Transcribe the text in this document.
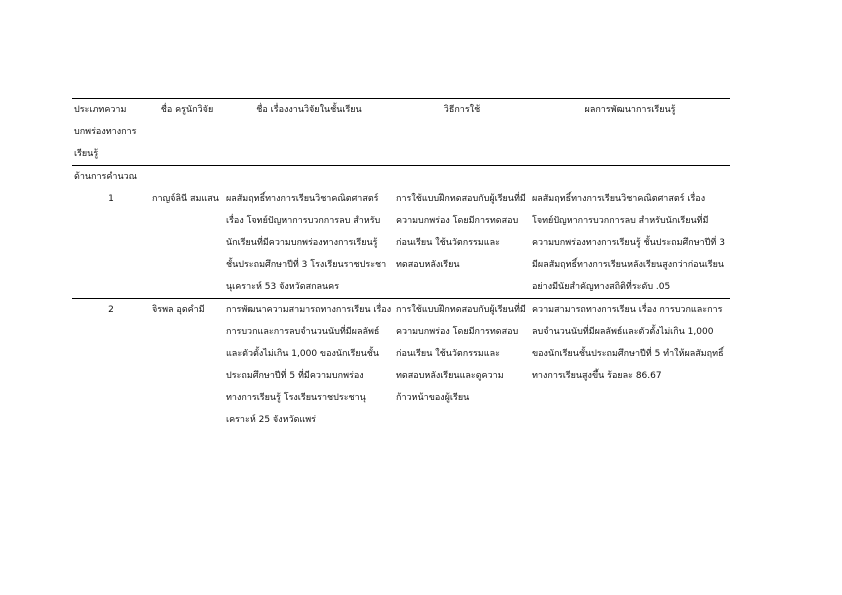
ประเภทความบกพร่องทางการเรียนรู้	ชื่อ ครูนักวิจัย	ชื่อ เรื่องงานวิจัยในชั้นเรียน	วิธีการใช้	ผลการพัฒนาการเรียนรู้
ด้านการคำนวณ				
1	กาญจ์ลินี สมแสน	ผลสัมฤทธิ์ทางการเรียนวิชาคณิตศาสตร์ เรื่อง โจทย์ปัญหาการบวกการลบ สำหรับนักเรียนที่มีความบกพร่องทางการเรียนรู้ ชั้นประถมศึกษาปีที่ 3 โรงเรียนราชประชานุเคราะห์ 53 จังหวัดสกลนคร	การใช้แบบฝึกทดสอบกับผู้เรียนที่มีความบกพร่อง โดยมีการทดสอบก่อนเรียน ใช้นวัตกรรมและทดสอบหลังเรียน	ผลสัมฤทธิ์ทางการเรียนวิชาคณิตศาสตร์ เรื่อง โจทย์ปัญหาการบวกการลบ สำหรับนักเรียนที่มีความบกพร่องทางการเรียนรู้ ชั้นประถมศึกษาปีที่ 3 มีผลสัมฤทธิ์ทางการเรียนหลังเรียนสูงกว่าก่อนเรียนอย่างมีนัยสำคัญทางสถิติที่ระดับ .05
2	จิรพล อุดคำมี	การพัฒนาความสามารถทางการเรียน เรื่อง การบวกและการลบจำนวนนับที่มีผลลัพธ์และตัวตั้งไม่เกิน 1,000 ของนักเรียนชั้นประถมศึกษาปีที่ 5 ที่มีความบกพร่องทางการเรียนรู้ โรงเรียนราชประชานุเคราะห์ 25 จังหวัดแพร่	การใช้แบบฝึกทดสอบกับผู้เรียนที่มีความบกพร่อง โดยมีการทดสอบก่อนเรียน ใช้นวัตกรรมและทดสอบหลังเรียนและดูความก้าวหน้าของผู้เรียน	ความสามารถทางการเรียน เรื่อง การบวกและการลบจำนวนนับที่มีผลลัพธ์และตัวตั้งไม่เกิน 1,000 ของนักเรียนชั้นประถมศึกษาปีที่ 5 ทำให้ผลสัมฤทธิ์ทางการเรียนสูงขึ้น ร้อยละ 86.67
